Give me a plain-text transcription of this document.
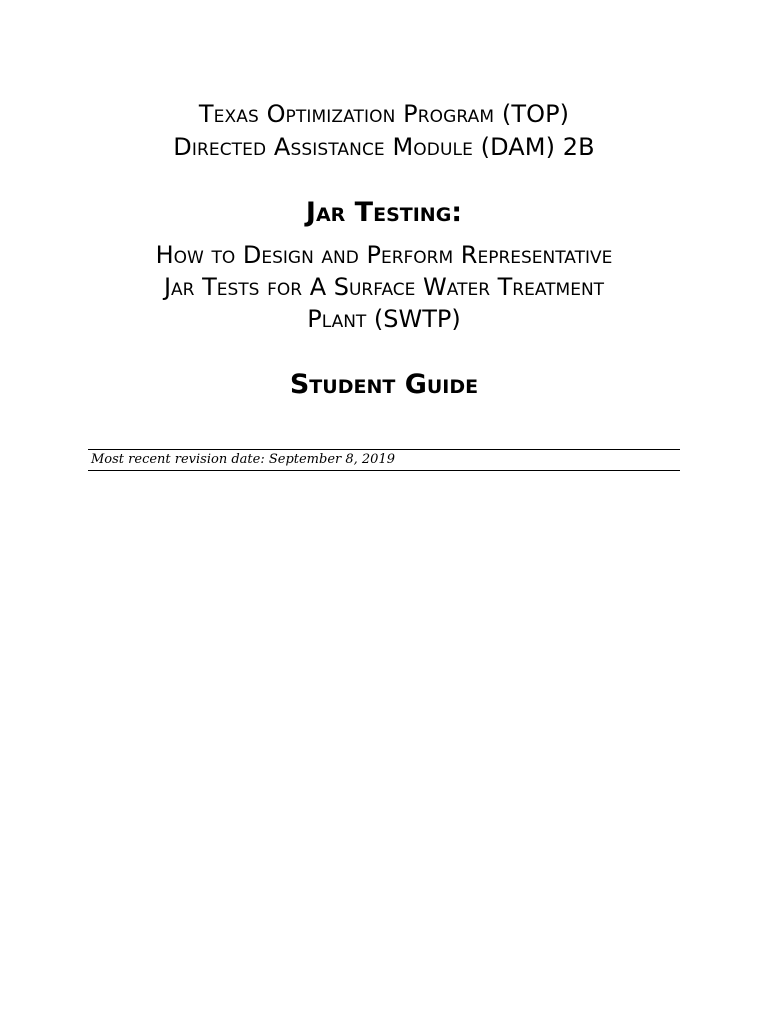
Texas Optimization Program (TOP)
Directed Assistance Module (DAM) 2B
Jar Testing:
How to Design and Perform Representative
Jar Tests for A Surface Water Treatment
Plant (SWTP)
Student Guide
Most recent revision date: September 8, 2019
